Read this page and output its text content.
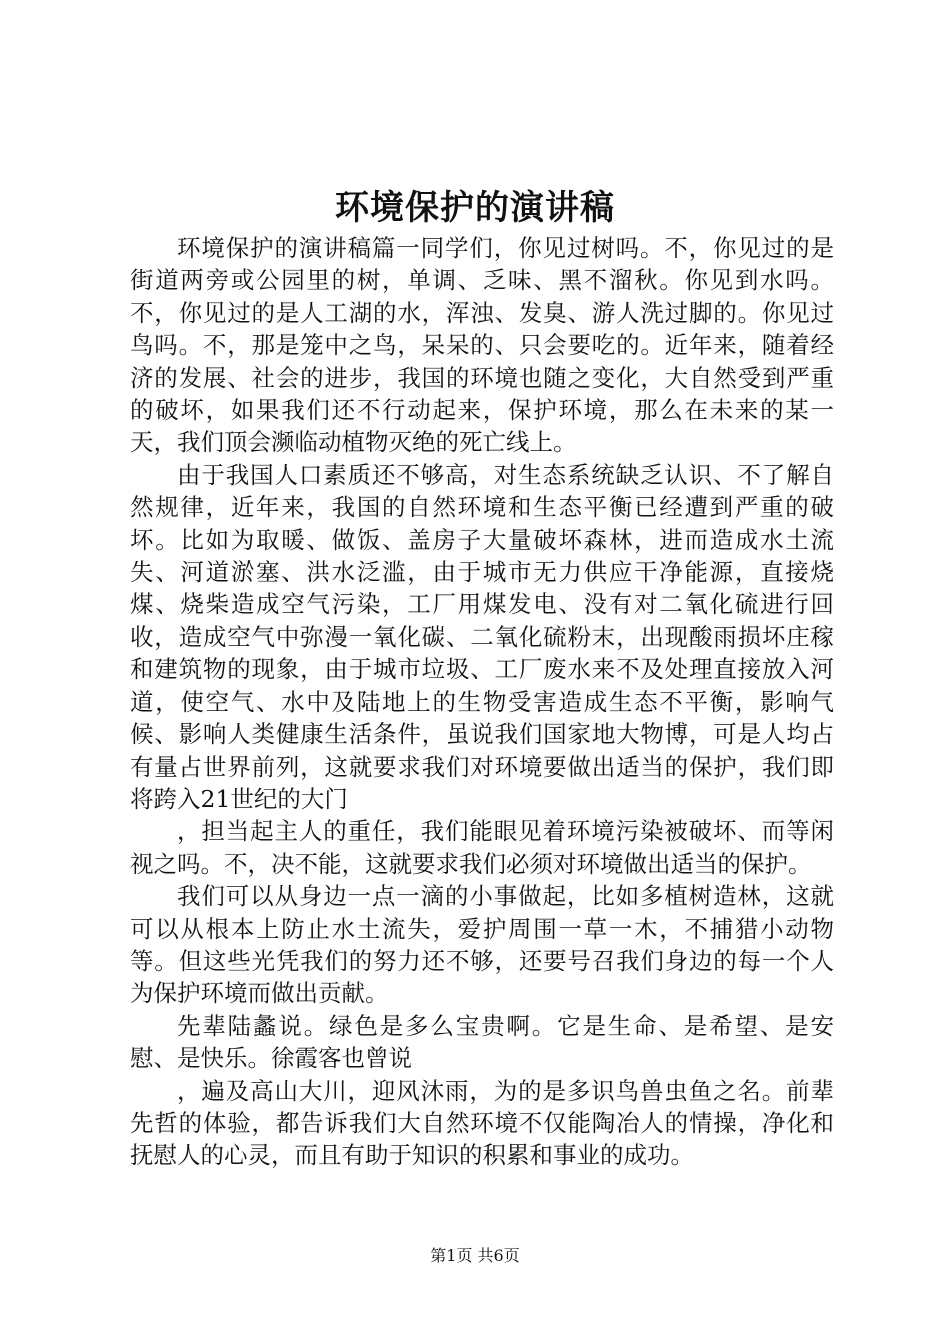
环境保护的演讲稿

环境保护的演讲稿篇一同学们，你见过树吗。不，你见过的是街道两旁或公园里的树，单调、乏味、黑不溜秋。你见到水吗。不，你见过的是人工湖的水，浑浊、发臭、游人洗过脚的。你见过鸟吗。不，那是笼中之鸟，呆呆的、只会要吃的。近年来，随着经济的发展、社会的进步，我国的环境也随之变化，大自然受到严重的破坏，如果我们还不行动起来，保护环境，那么在未来的某一天，我们顶会濒临动植物灭绝的死亡线上。

由于我国人口素质还不够高，对生态系统缺乏认识、不了解自然规律，近年来，我国的自然环境和生态平衡已经遭到严重的破坏。比如为取暖、做饭、盖房子大量破坏森林，进而造成水土流失、河道淤塞、洪水泛滥，由于城市无力供应干净能源，直接烧煤、烧柴造成空气污染，工厂用煤发电、没有对二氧化硫进行回收，造成空气中弥漫一氧化碳、二氧化硫粉末，出现酸雨损坏庄稼和建筑物的现象，由于城市垃圾、工厂废水来不及处理直接放入河道，使空气、水中及陆地上的生物受害造成生态不平衡，影响气候、影响人类健康生活条件，虽说我们国家地大物博，可是人均占有量占世界前列，这就要求我们对环境要做出适当的保护，我们即将跨入21世纪的大门

，担当起主人的重任，我们能眼见着环境污染被破坏、而等闲视之吗。不，决不能，这就要求我们必须对环境做出适当的保护。

我们可以从身边一点一滴的小事做起，比如多植树造林，这就可以从根本上防止水土流失，爱护周围一草一木，不捕猎小动物等。但这些光凭我们的努力还不够，还要号召我们身边的每一个人为保护环境而做出贡献。

先辈陆蠡说。绿色是多么宝贵啊。它是生命、是希望、是安慰、是快乐。徐霞客也曾说

，遍及高山大川，迎风沐雨，为的是多识鸟兽虫鱼之名。前辈先哲的体验，都告诉我们大自然环境不仅能陶冶人的情操，净化和抚慰人的心灵，而且有助于知识的积累和事业的成功。

第1页 共6页
